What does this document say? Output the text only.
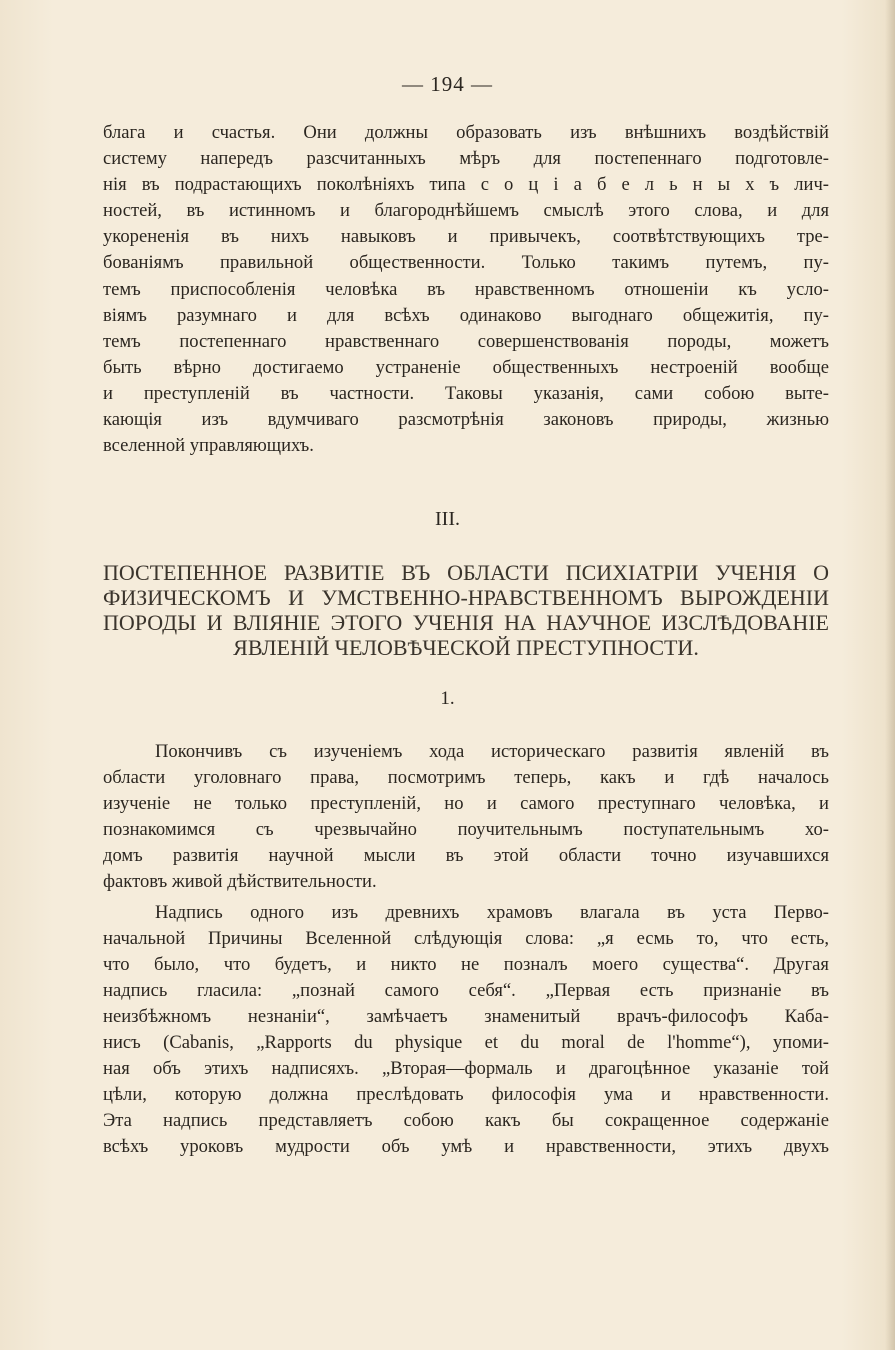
— 194 —
блага и счастья. Они должны образовать изъ внѣшнихъ воздѣйствій
систему напередъ разсчитанныхъ мѣръ для постепеннаго подготовле-
нія въ подрастающихъ поколѣніяхъ типа с о ц і а б е л ь н ы х ъ лич-
ностей, въ истинномъ и благороднѣйшемъ смыслѣ этого слова, и для
укорененія въ нихъ навыковъ и привычекъ, соотвѣтствующихъ тре-
бованіямъ правильной общественности. Только такимъ путемъ, пу-
темъ приспособленія человѣка въ нравственномъ отношеніи къ усло-
віямъ разумнаго и для всѣхъ одинаково выгоднаго общежитія, пу-
темъ постепеннаго нравственнаго совершенствованія породы, можетъ
быть вѣрно достигаемо устраненіе общественныхъ нестроеній вообще
и преступленій въ частности. Таковы указанія, сами собою выте-
кающія изъ вдумчиваго разсмотрѣнія законовъ природы, жизнью
вселенной управляющихъ.
III.
ПОСТЕПЕННОЕ РАЗВИТІЕ ВЪ ОБЛАСТИ ПСИХІАТРІИ УЧЕНІЯ О
ФИЗИЧЕСКОМЪ И УМСТВЕННО-НРАВСТВЕННОМЪ ВЫРОЖДЕНІИ
ПОРОДЫ И ВЛІЯНІЕ ЭТОГО УЧЕНІЯ НА НАУЧНОЕ ИЗСЛѢДОВАНІЕ
ЯВЛЕНІЙ ЧЕЛОВѢЧЕСКОЙ ПРЕСТУПНОСТИ.
1.
Покончивъ съ изученіемъ хода историческаго развитія явленій въ
области уголовнаго права, посмотримъ теперь, какъ и гдѣ началось
изученіе не только преступленій, но и самого преступнаго человѣка, и
познакомимся съ чрезвычайно поучительнымъ поступательнымъ хо-
домъ развитія научной мысли въ этой области точно изучавшихся
фактовъ живой дѣйствительности.
Надпись одного изъ древнихъ храмовъ влагала въ уста Перво-
начальной Причины Вселенной слѣдующія слова: „я есмь то, что есть,
что было, что будетъ, и никто не позналъ моего существа“. Другая
надпись гласила: „познай самого себя“. „Первая есть признаніе въ
неизбѣжномъ незнаніи“, замѣчаетъ знаменитый врачъ-философъ Каба-
нисъ (Cabanis, „Rapports du physique et du moral de l'homme“), упоми-
ная объ этихъ надписяхъ. „Вторая—формаль и драгоцѣнное указаніе той
цѣли, которую должна преслѣдовать философія ума и нравственности.
Эта надпись представляетъ собою какъ бы сокращенное содержаніе
всѣхъ уроковъ мудрости объ умѣ и нравственности, этихъ двухъ
